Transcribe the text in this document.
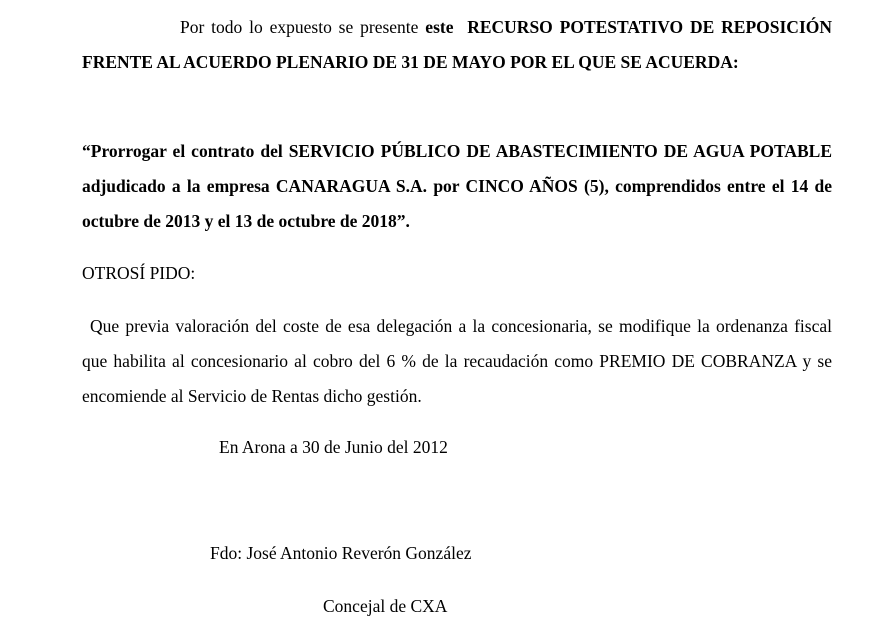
Por todo lo expuesto se presente este RECURSO POTESTATIVO DE REPOSICIÓN FRENTE AL ACUERDO PLENARIO DE 31 DE MAYO POR EL QUE SE ACUERDA:
“Prorrogar el contrato del SERVICIO PÚBLICO DE ABASTECIMIENTO DE AGUA POTABLE adjudicado a la empresa CANARAGUA S.A. por CINCO AÑOS (5), comprendidos entre el 14 de octubre de 2013 y el 13 de octubre de 2018”.
OTROSÍ PIDO:
Que previa valoración del coste de esa delegación a la concesionaria, se modifique la ordenanza fiscal que habilita al concesionario al cobro del 6 % de la recaudación como PREMIO DE COBRANZA y se encomiende al Servicio de Rentas dicho gestión.
En Arona a 30 de Junio del 2012
Fdo: José Antonio Reverón González
Concejal de CXA
